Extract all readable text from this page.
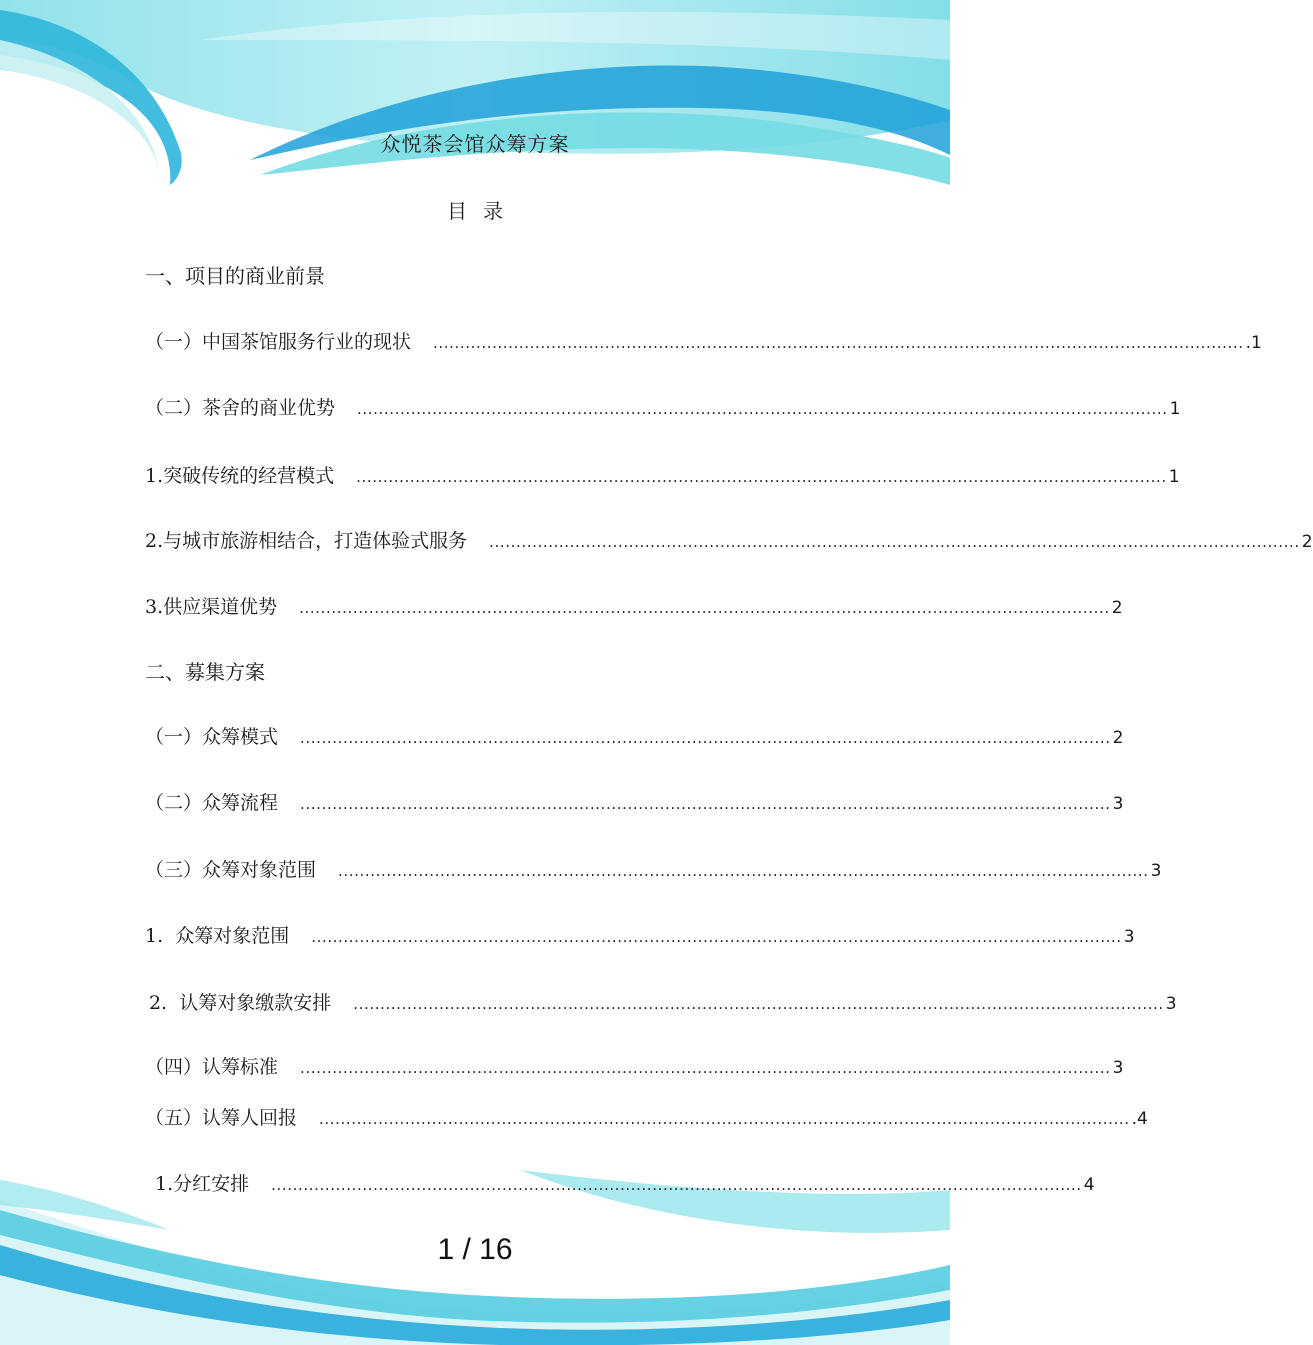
众悦茶会馆众筹方案
目 录
一、项目的商业前景
（一）中国茶馆服务行业的现状 ....................................................................................................................................................... .1
（二）茶舍的商业优势 ....................................................................................................................................................... 1
1.突破传统的经营模式 ....................................................................................................................................................... 1
2.与城市旅游相结合，打造体验式服务 ....................................................................................................................................................... 2
3.供应渠道优势 ....................................................................................................................................................... 2
二、募集方案
（一）众筹模式 ....................................................................................................................................................... 2
（二）众筹流程 ....................................................................................................................................................... 3
（三）众筹对象范围 ....................................................................................................................................................... 3
1.  众筹对象范围 ....................................................................................................................................................... 3
2.  认筹对象缴款安排 ....................................................................................................................................................... 3
（四）认筹标准 ....................................................................................................................................................... 3
（五）认筹人回报 ....................................................................................................................................................... .4
1.分红安排 ....................................................................................................................................................... 4
1 / 16
